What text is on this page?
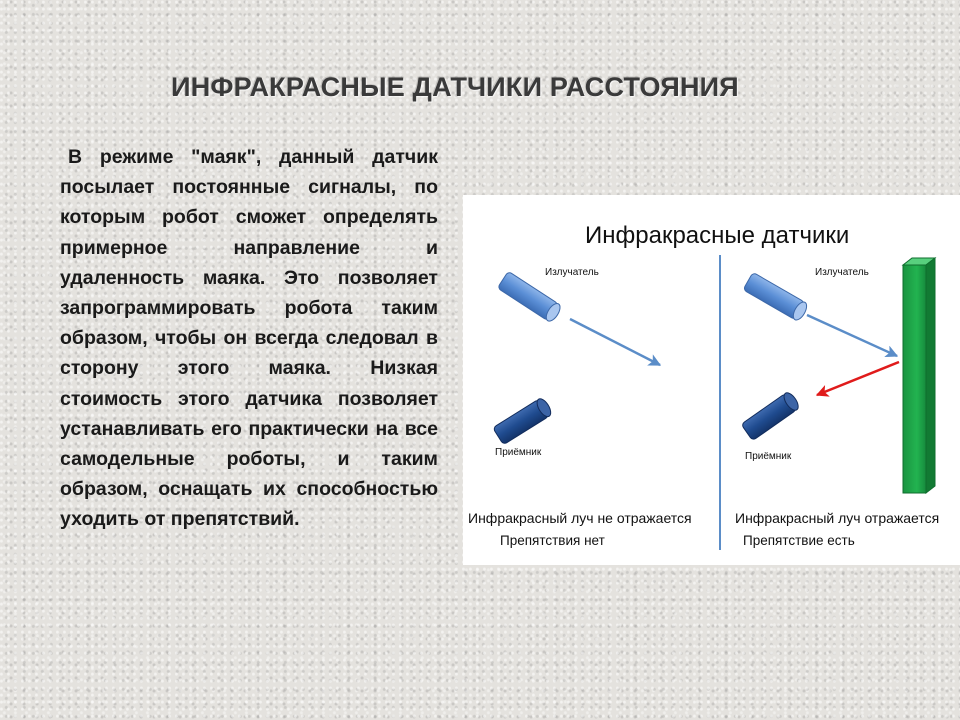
ИНФРАКРАСНЫЕ ДАТЧИКИ РАССТОЯНИЯ

В режиме "маяк", данный датчик посылает постоянные сигналы, по которым робот сможет определять примерное направление и удаленность маяка. Это позволяет запрограммировать робота таким образом, чтобы он всегда следовал в сторону этого маяка. Низкая стоимость этого датчика позволяет устанавливать его практически на все самодельные роботы, и таким образом, оснащать их способностью уходить от препятствий.

Инфракрасные датчики
Излучатель
Приёмник
Инфракрасный луч не отражается
Препятствия нет
Излучатель
Приёмник
Инфракрасный луч отражается
Препятствие есть
